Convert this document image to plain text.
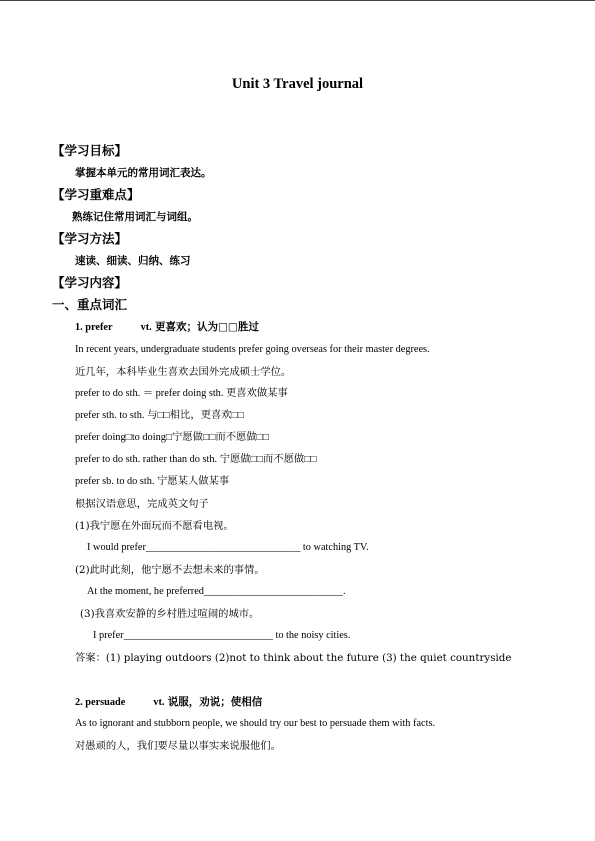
Unit 3 Travel journal
【学习目标】
掌握本单元的常用词汇表达。
【学习重难点】
熟练记住常用词汇与词组。
【学习方法】
速读、细读、归纳、练习
【学习内容】
一、重点词汇
1. prefer	vt. 更喜欢；认为□□胜过
In recent years, undergraduate students prefer going overseas for their master degrees.
近几年，本科毕业生喜欢去国外完成硕士学位。
prefer to do sth. ＝ prefer doing sth. 更喜欢做某事
prefer sth. to sth. 与□□相比，更喜欢□□
prefer doing□to doing□宁愿做□□而不愿做□□
prefer to do sth. rather than do sth. 宁愿做□□而不愿做□□
prefer sb. to do sth. 宁愿某人做某事
根据汉语意思，完成英文句子
(1)我宁愿在外面玩而不愿看电视。
I would prefer______________________________ to watching TV.
(2)此时此刻，他宁愿不去想未来的事情。
At the moment, he preferred___________________________.
(3)我喜欢安静的乡村胜过喧闹的城市。
I prefer_____________________________ to the noisy cities.
答案：(1) playing outdoors (2)not to think about the future (3) the quiet countryside
2. persuade	vt. 说服，劝说；使相信
As to ignorant and stubborn people, we should try our best to persuade them with facts.
对愚顽的人，我们要尽量以事实来说服他们。
